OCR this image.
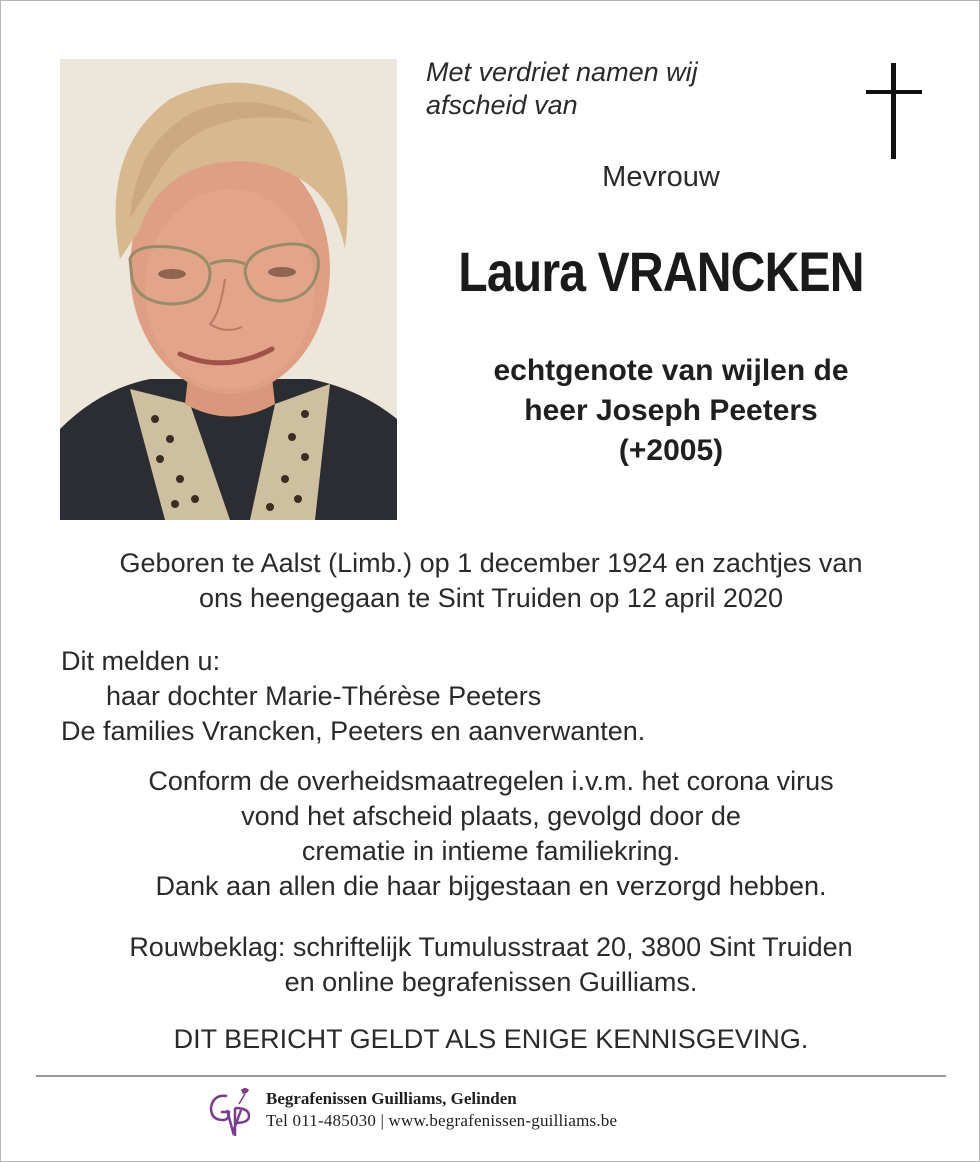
Met verdriet namen wij
afscheid van
Mevrouw
Laura VRANCKEN
echtgenote van wijlen de
heer Joseph Peeters
(+2005)
Geboren te Aalst (Limb.) op 1 december 1924 en zachtjes van
ons heengegaan te Sint Truiden op 12 april 2020
Dit melden u:
haar dochter Marie-Thérèse Peeters
De families Vrancken, Peeters en aanverwanten.
Conform de overheidsmaatregelen i.v.m. het corona virus
vond het afscheid plaats, gevolgd door de
crematie in intieme familiekring.
Dank aan allen die haar bijgestaan en verzorgd hebben.
Rouwbeklag: schriftelijk Tumulusstraat 20, 3800 Sint Truiden
en online begrafenissen Guilliams.
DIT BERICHT GELDT ALS ENIGE KENNISGEVING.
Begrafenissen Guilliams, Gelinden
Tel 011-485030 | www.begrafenissen-guilliams.be
